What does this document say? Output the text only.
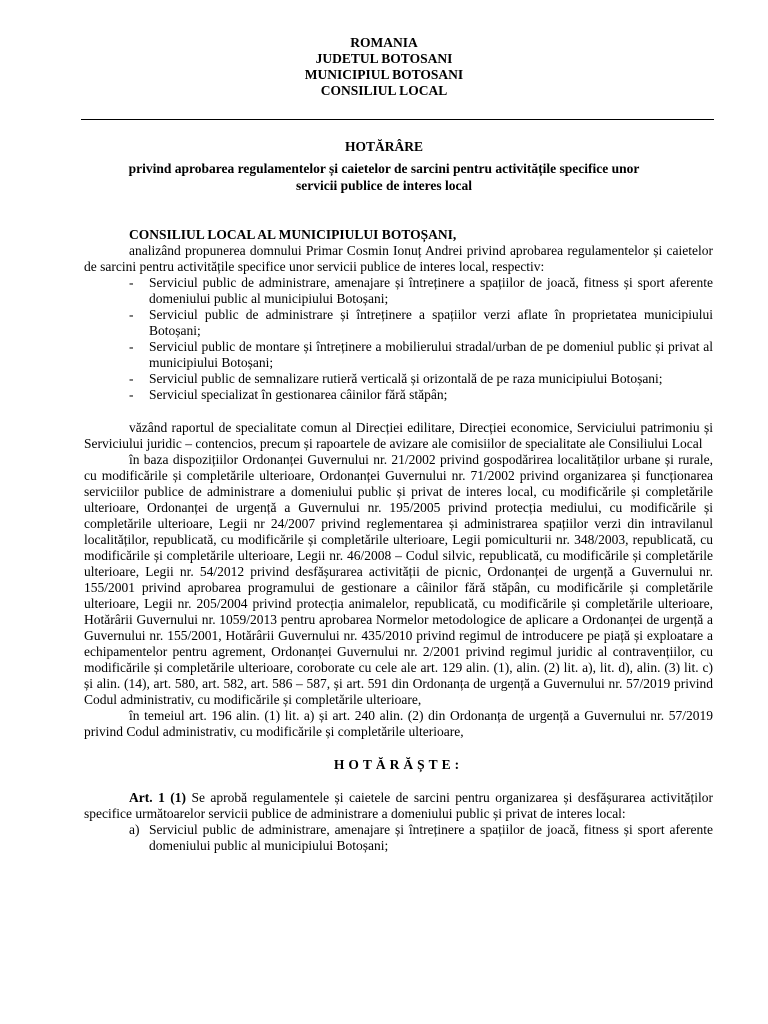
ROMANIA
JUDETUL BOTOSANI
MUNICIPIUL BOTOSANI
CONSILIUL LOCAL
HOTĂRÂRE
privind aprobarea regulamentelor și caietelor de sarcini pentru activitățile specifice unor
servicii publice de interes local

CONSILIUL LOCAL AL MUNICIPIULUI BOTOȘANI,

analizând propunerea domnului Primar Cosmin Ionuț Andrei privind aprobarea regulamentelor și caietelor de sarcini pentru activitățile specifice unor servicii publice de interes local, respectiv:

- Serviciul public de administrare, amenajare și întreținere a spațiilor de joacă, fitness și sport aferente domeniului public al municipiului Botoșani;
- Serviciul public de administrare și întreținere a spațiilor verzi aflate în proprietatea municipiului Botoșani;
- Serviciul public de montare și întreținere a mobilierului stradal/urban de pe domeniul public și privat al municipiului Botoșani;
- Serviciul public de semnalizare rutieră verticală și orizontală de pe raza municipiului Botoșani;
- Serviciul specializat în gestionarea câinilor fără stăpân;

văzând raportul de specialitate comun al Direcției edilitare, Direcției economice, Serviciului patrimoniu și Serviciului juridic – contencios, precum și rapoartele de avizare ale comisiilor de specialitate ale Consiliului Local

în baza dispozițiilor Ordonanței Guvernului nr. 21/2002 privind gospodărirea localităților urbane și rurale, cu modificările și completările ulterioare, Ordonanței Guvernului nr. 71/2002 privind organizarea și funcționarea serviciilor publice de administrare a domeniului public și privat de interes local, cu modificările și completările ulterioare, Ordonanței de urgență a Guvernului nr. 195/2005 privind protecția mediului, cu modificările și completările ulterioare, Legii nr 24/2007 privind reglementarea și administrarea spațiilor verzi din intravilanul localităților, republicată, cu modificările și completările ulterioare, Legii pomiculturii nr. 348/2003, republicată, cu modificările și completările ulterioare, Legii nr. 46/2008 – Codul silvic, republicată, cu modificările și completările ulterioare, Legii nr. 54/2012 privind desfășurarea activității de picnic, Ordonanței de urgență a Guvernului nr. 155/2001 privind aprobarea programului de gestionare a câinilor fără stăpân, cu modificările și completările ulterioare, Legii nr. 205/2004 privind protecția animalelor, republicată, cu modificările și completările ulterioare, Hotărârii Guvernului nr. 1059/2013 pentru aprobarea Normelor metodologice de aplicare a Ordonanței de urgență a Guvernului nr. 155/2001, Hotărârii Guvernului nr. 435/2010 privind regimul de introducere pe piață și exploatare a echipamentelor pentru agrement, Ordonanței Guvernului nr. 2/2001 privind regimul juridic al contravențiilor, cu modificările și completările ulterioare, coroborate cu cele ale art. 129 alin. (1), alin. (2) lit. a), lit. d), alin. (3) lit. c) și alin. (14), art. 580, art. 582, art. 586 – 587, și art. 591 din Ordonanța de urgență a Guvernului nr. 57/2019 privind Codul administrativ, cu modificările și completările ulterioare,

în temeiul art. 196 alin. (1) lit. a) și art. 240 alin. (2) din Ordonanța de urgență a Guvernului nr. 57/2019 privind Codul administrativ, cu modificările și completările ulterioare,

HOTĂRĂȘTE:

Art. 1 (1) Se aprobă regulamentele și caietele de sarcini pentru organizarea și desfășurarea activităților specifice următoarelor servicii publice de administrare a domeniului public și privat de interes local:

a) Serviciul public de administrare, amenajare și întreținere a spațiilor de joacă, fitness și sport aferente domeniului public al municipiului Botoșani;
